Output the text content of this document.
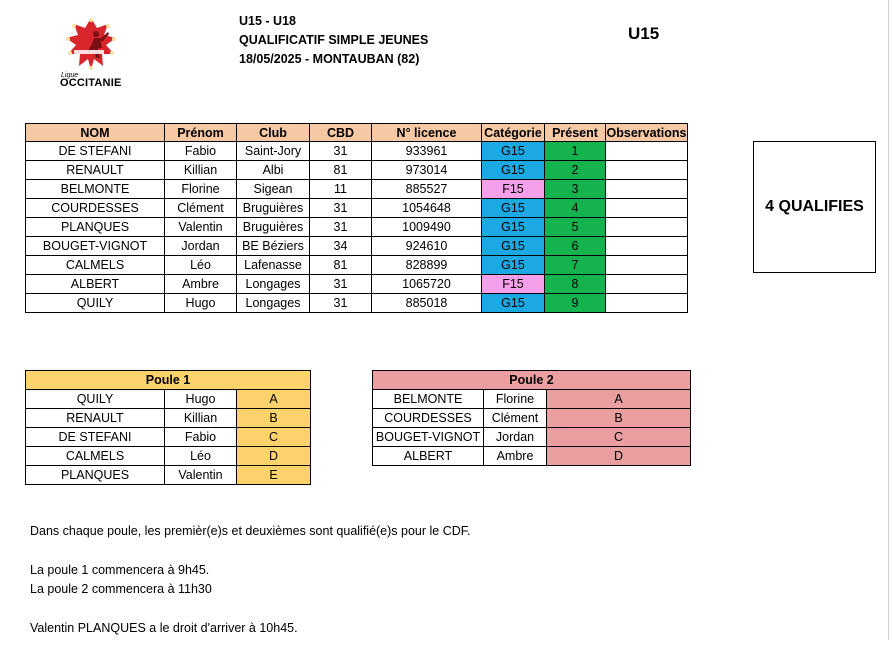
Ligue
OCCITANIE
U15 - U18
QUALIFICATIF SIMPLE JEUNES
18/05/2025 - MONTAUBAN (82)
U15
NOM	Prénom	Club	CBD	N° licence	Catégorie	Présent	Observations
DE STEFANI	Fabio	Saint-Jory	31	933961	G15	1	
RENAULT	Killian	Albi	81	973014	G15	2	
BELMONTE	Florine	Sigean	11	885527	F15	3	
COURDESSES	Clément	Bruguières	31	1054648	G15	4	
PLANQUES	Valentin	Bruguières	31	1009490	G15	5	
BOUGET-VIGNOT	Jordan	BE Béziers	34	924610	G15	6	
CALMELS	Léo	Lafenasse	81	828899	G15	7	
ALBERT	Ambre	Longages	31	1065720	F15	8	
QUILY	Hugo	Longages	31	885018	G15	9	
4 QUALIFIES
Poule 1		
QUILY	Hugo	A
RENAULT	Killian	B
DE STEFANI	Fabio	C
CALMELS	Léo	D
PLANQUES	Valentin	E
Poule 2		
BELMONTE	Florine	A
COURDESSES	Clément	B
BOUGET-VIGNOT	Jordan	C
ALBERT	Ambre	D
Dans chaque poule, les premièr(e)s et deuxièmes sont qualifié(e)s pour le CDF.
La poule 1 commencera à 9h45.
La poule 2 commencera à 11h30
Valentin PLANQUES a le droit d'arriver à 10h45.
